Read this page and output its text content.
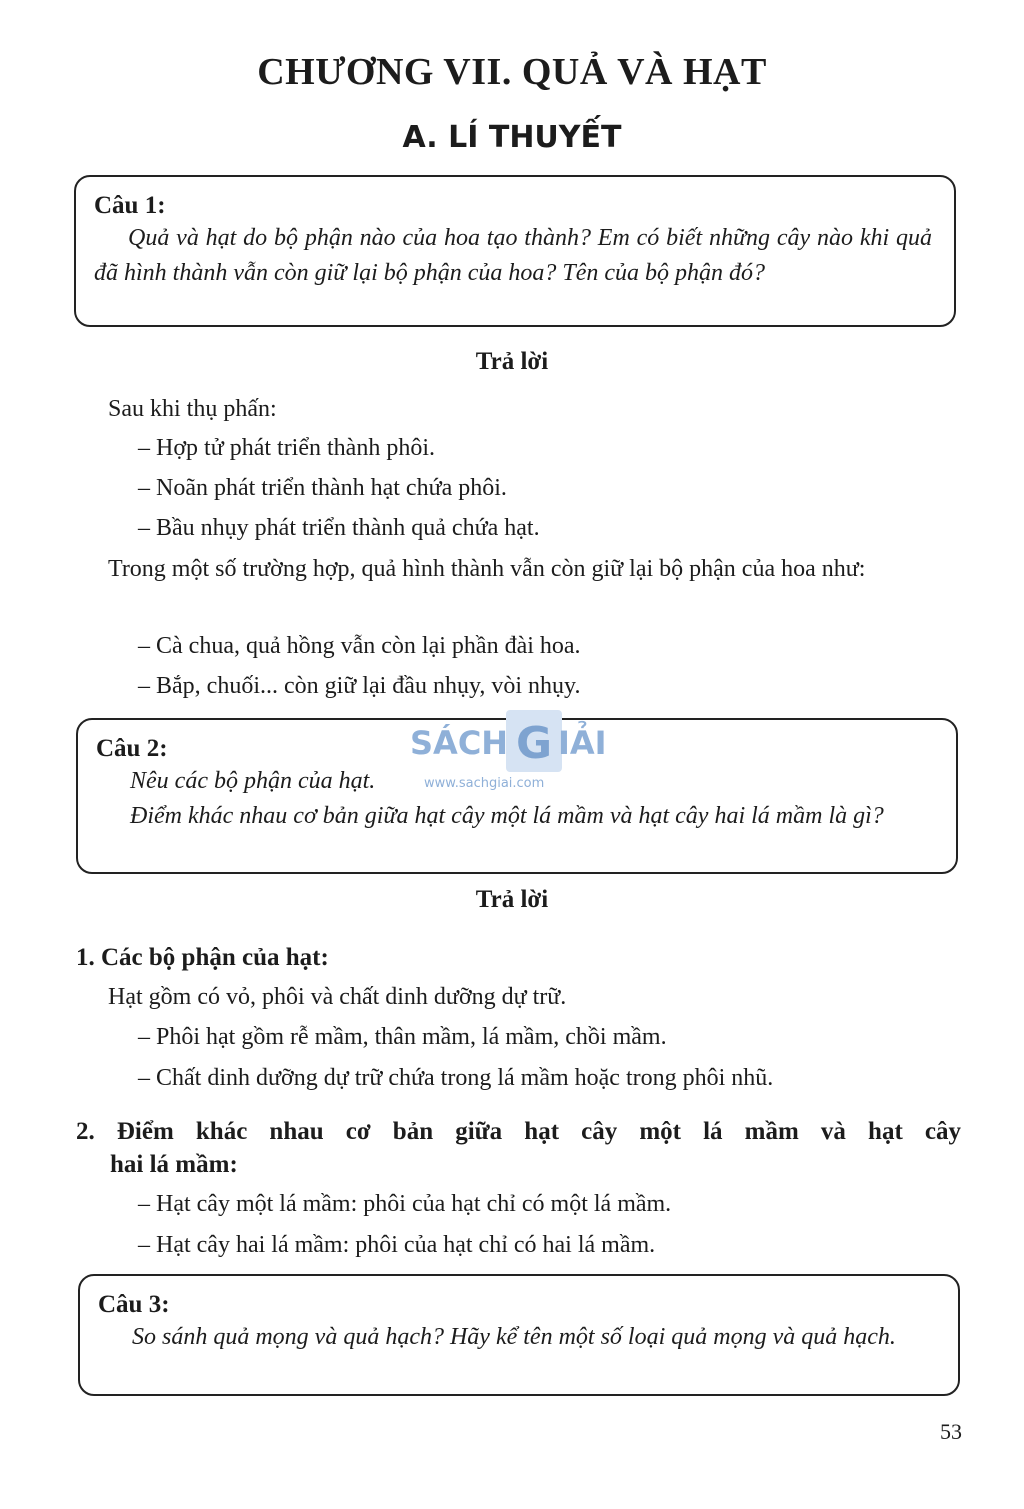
CHƯƠNG VII. QUẢ VÀ HẠT
A. LÍ THUYẾT
Câu 1:
Quả và hạt do bộ phận nào của hoa tạo thành? Em có biết những cây nào khi quả đã hình thành vẫn còn giữ lại bộ phận của hoa? Tên của bộ phận đó?
Trả lời
Sau khi thụ phấn:
– Hợp tử phát triển thành phôi.
– Noãn phát triển thành hạt chứa phôi.
– Bầu nhụy phát triển thành quả chứa hạt.
Trong một số trường hợp, quả hình thành vẫn còn giữ lại bộ phận của hoa như:
– Cà chua, quả hồng vẫn còn lại phần đài hoa.
– Bắp, chuối... còn giữ lại đầu nhụy, vòi nhụy.
Câu 2:
Nêu các bộ phận của hạt.
Điểm khác nhau cơ bản giữa hạt cây một lá mầm và hạt cây hai lá mầm là gì?
SÁCH G IẢI
www.sachgiai.com
Trả lời
1. Các bộ phận của hạt:
Hạt gồm có vỏ, phôi và chất dinh dưỡng dự trữ.
– Phôi hạt gồm rễ mầm, thân mầm, lá mầm, chồi mầm.
– Chất dinh dưỡng dự trữ chứa trong lá mầm hoặc trong phôi nhũ.
2. Điểm khác nhau cơ bản giữa hạt cây một lá mầm và hạt cây
hai lá mầm:
– Hạt cây một lá mầm: phôi của hạt chỉ có một lá mầm.
– Hạt cây hai lá mầm: phôi của hạt chỉ có hai lá mầm.
Câu 3:
So sánh quả mọng và quả hạch? Hãy kể tên một số loại quả mọng và quả hạch.
53
